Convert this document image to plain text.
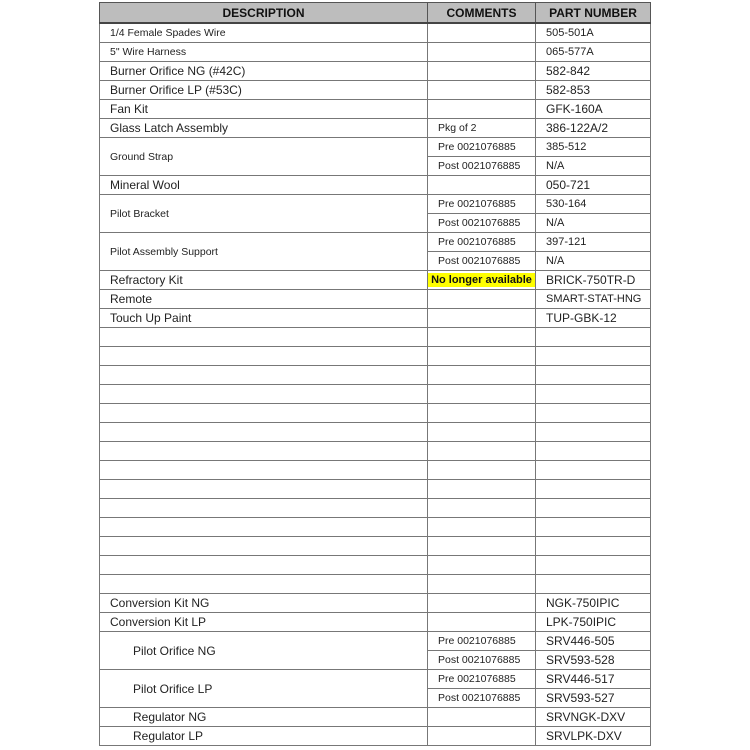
DESCRIPTION	COMMENTS	PART NUMBER
1/4 Female Spades Wire		505-501A
5" Wire Harness		065-577A
Burner Orifice NG (#42C)		582-842
Burner Orifice LP (#53C)		582-853
Fan Kit		GFK-160A
Glass Latch Assembly	Pkg of 2	386-122A/2
Ground Strap	Pre 0021076885	385-512
	Post 0021076885	N/A
Mineral Wool		050-721
Pilot Bracket	Pre 0021076885	530-164
	Post 0021076885	N/A
Pilot Assembly Support	Pre 0021076885	397-121
	Post 0021076885	N/A
Refractory Kit	No longer available	BRICK-750TR-D
Remote		SMART-STAT-HNG
Touch Up Paint		TUP-GBK-12

Conversion Kit NG		NGK-750IPIC
Conversion Kit LP		LPK-750IPIC
Pilot Orifice NG	Pre 0021076885	SRV446-505
	Post 0021076885	SRV593-528
Pilot Orifice LP	Pre 0021076885	SRV446-517
	Post 0021076885	SRV593-527
Regulator NG		SRVNGK-DXV
Regulator LP		SRVLPK-DXV
